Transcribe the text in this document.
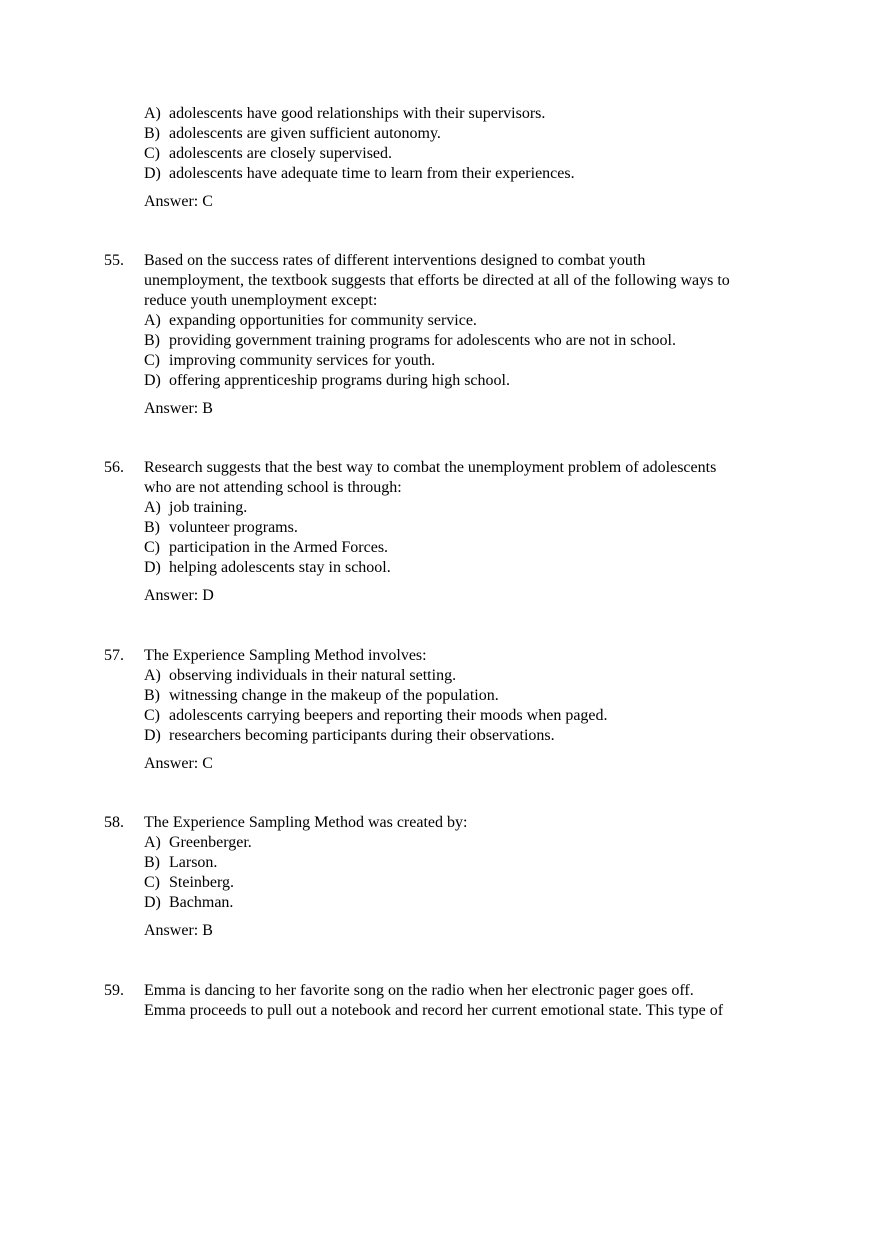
A) adolescents have good relationships with their supervisors.
B) adolescents are given sufficient autonomy.
C) adolescents are closely supervised.
D) adolescents have adequate time to learn from their experiences.
Answer: C
55. Based on the success rates of different interventions designed to combat youth
unemployment, the textbook suggests that efforts be directed at all of the following ways to
reduce youth unemployment except:
A) expanding opportunities for community service.
B) providing government training programs for adolescents who are not in school.
C) improving community services for youth.
D) offering apprenticeship programs during high school.
Answer: B
56. Research suggests that the best way to combat the unemployment problem of adolescents
who are not attending school is through:
A) job training.
B) volunteer programs.
C) participation in the Armed Forces.
D) helping adolescents stay in school.
Answer: D
57. The Experience Sampling Method involves:
A) observing individuals in their natural setting.
B) witnessing change in the makeup of the population.
C) adolescents carrying beepers and reporting their moods when paged.
D) researchers becoming participants during their observations.
Answer: C
58. The Experience Sampling Method was created by:
A) Greenberger.
B) Larson.
C) Steinberg.
D) Bachman.
Answer: B
59. Emma is dancing to her favorite song on the radio when her electronic pager goes off.
Emma proceeds to pull out a notebook and record her current emotional state. This type of
